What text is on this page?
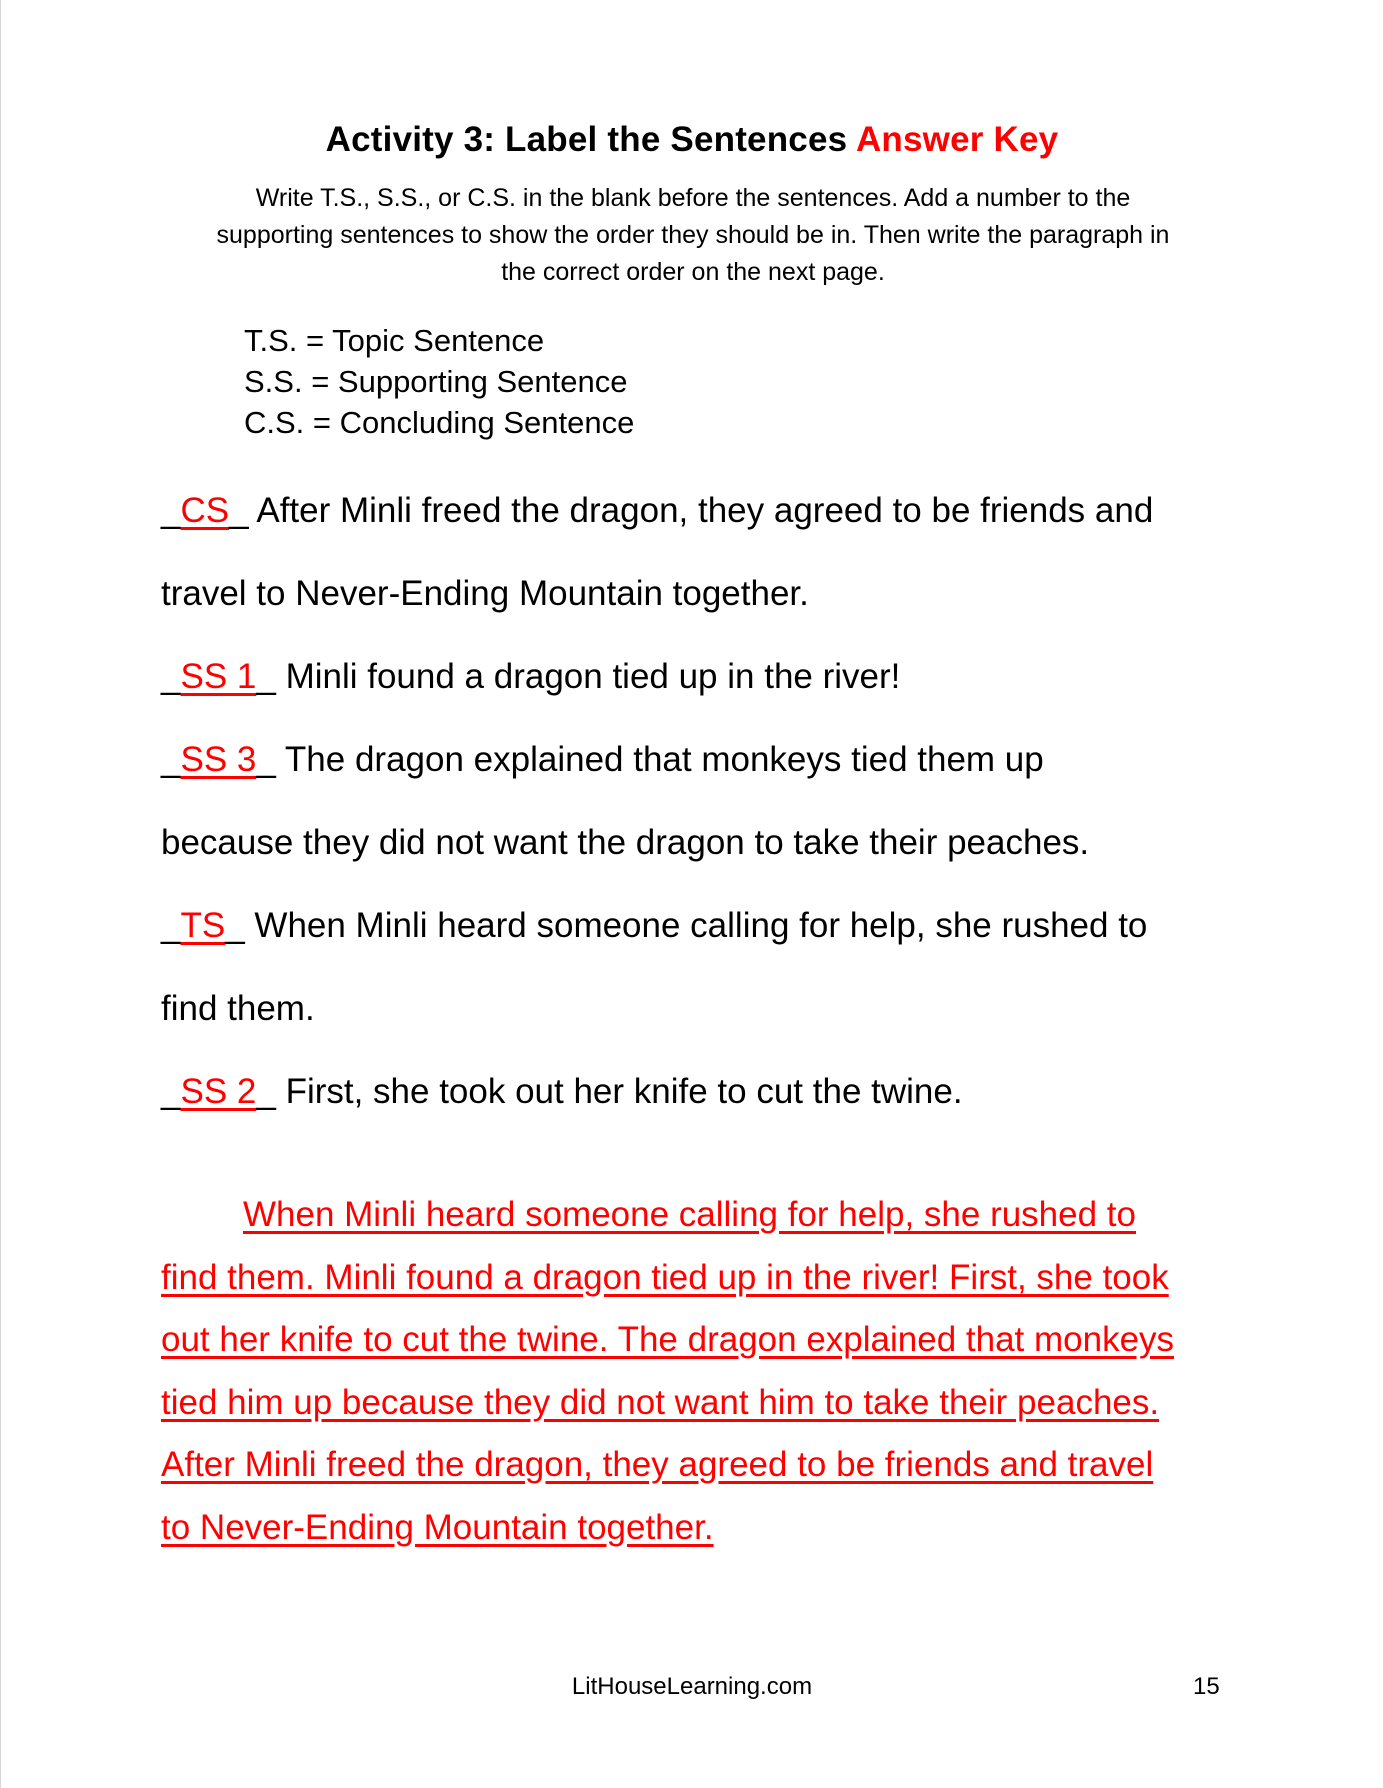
Activity 3: Label the Sentences Answer Key
Write T.S., S.S., or C.S. in the blank before the sentences. Add a number to the
supporting sentences to show the order they should be in. Then write the paragraph in
the correct order on the next page.
T.S. = Topic Sentence
S.S. = Supporting Sentence
C.S. = Concluding Sentence
_CS_ After Minli freed the dragon, they agreed to be friends and
travel to Never-Ending Mountain together.
_SS 1_ Minli found a dragon tied up in the river!
_SS 3_ The dragon explained that monkeys tied them up
because they did not want the dragon to take their peaches.
_TS_ When Minli heard someone calling for help, she rushed to
find them.
_SS 2_ First, she took out her knife to cut the twine.
When Minli heard someone calling for help, she rushed to
find them. Minli found a dragon tied up in the river! First, she took
out her knife to cut the twine. The dragon explained that monkeys
tied him up because they did not want him to take their peaches.
After Minli freed the dragon, they agreed to be friends and travel
to Never-Ending Mountain together.
LitHouseLearning.com	15
